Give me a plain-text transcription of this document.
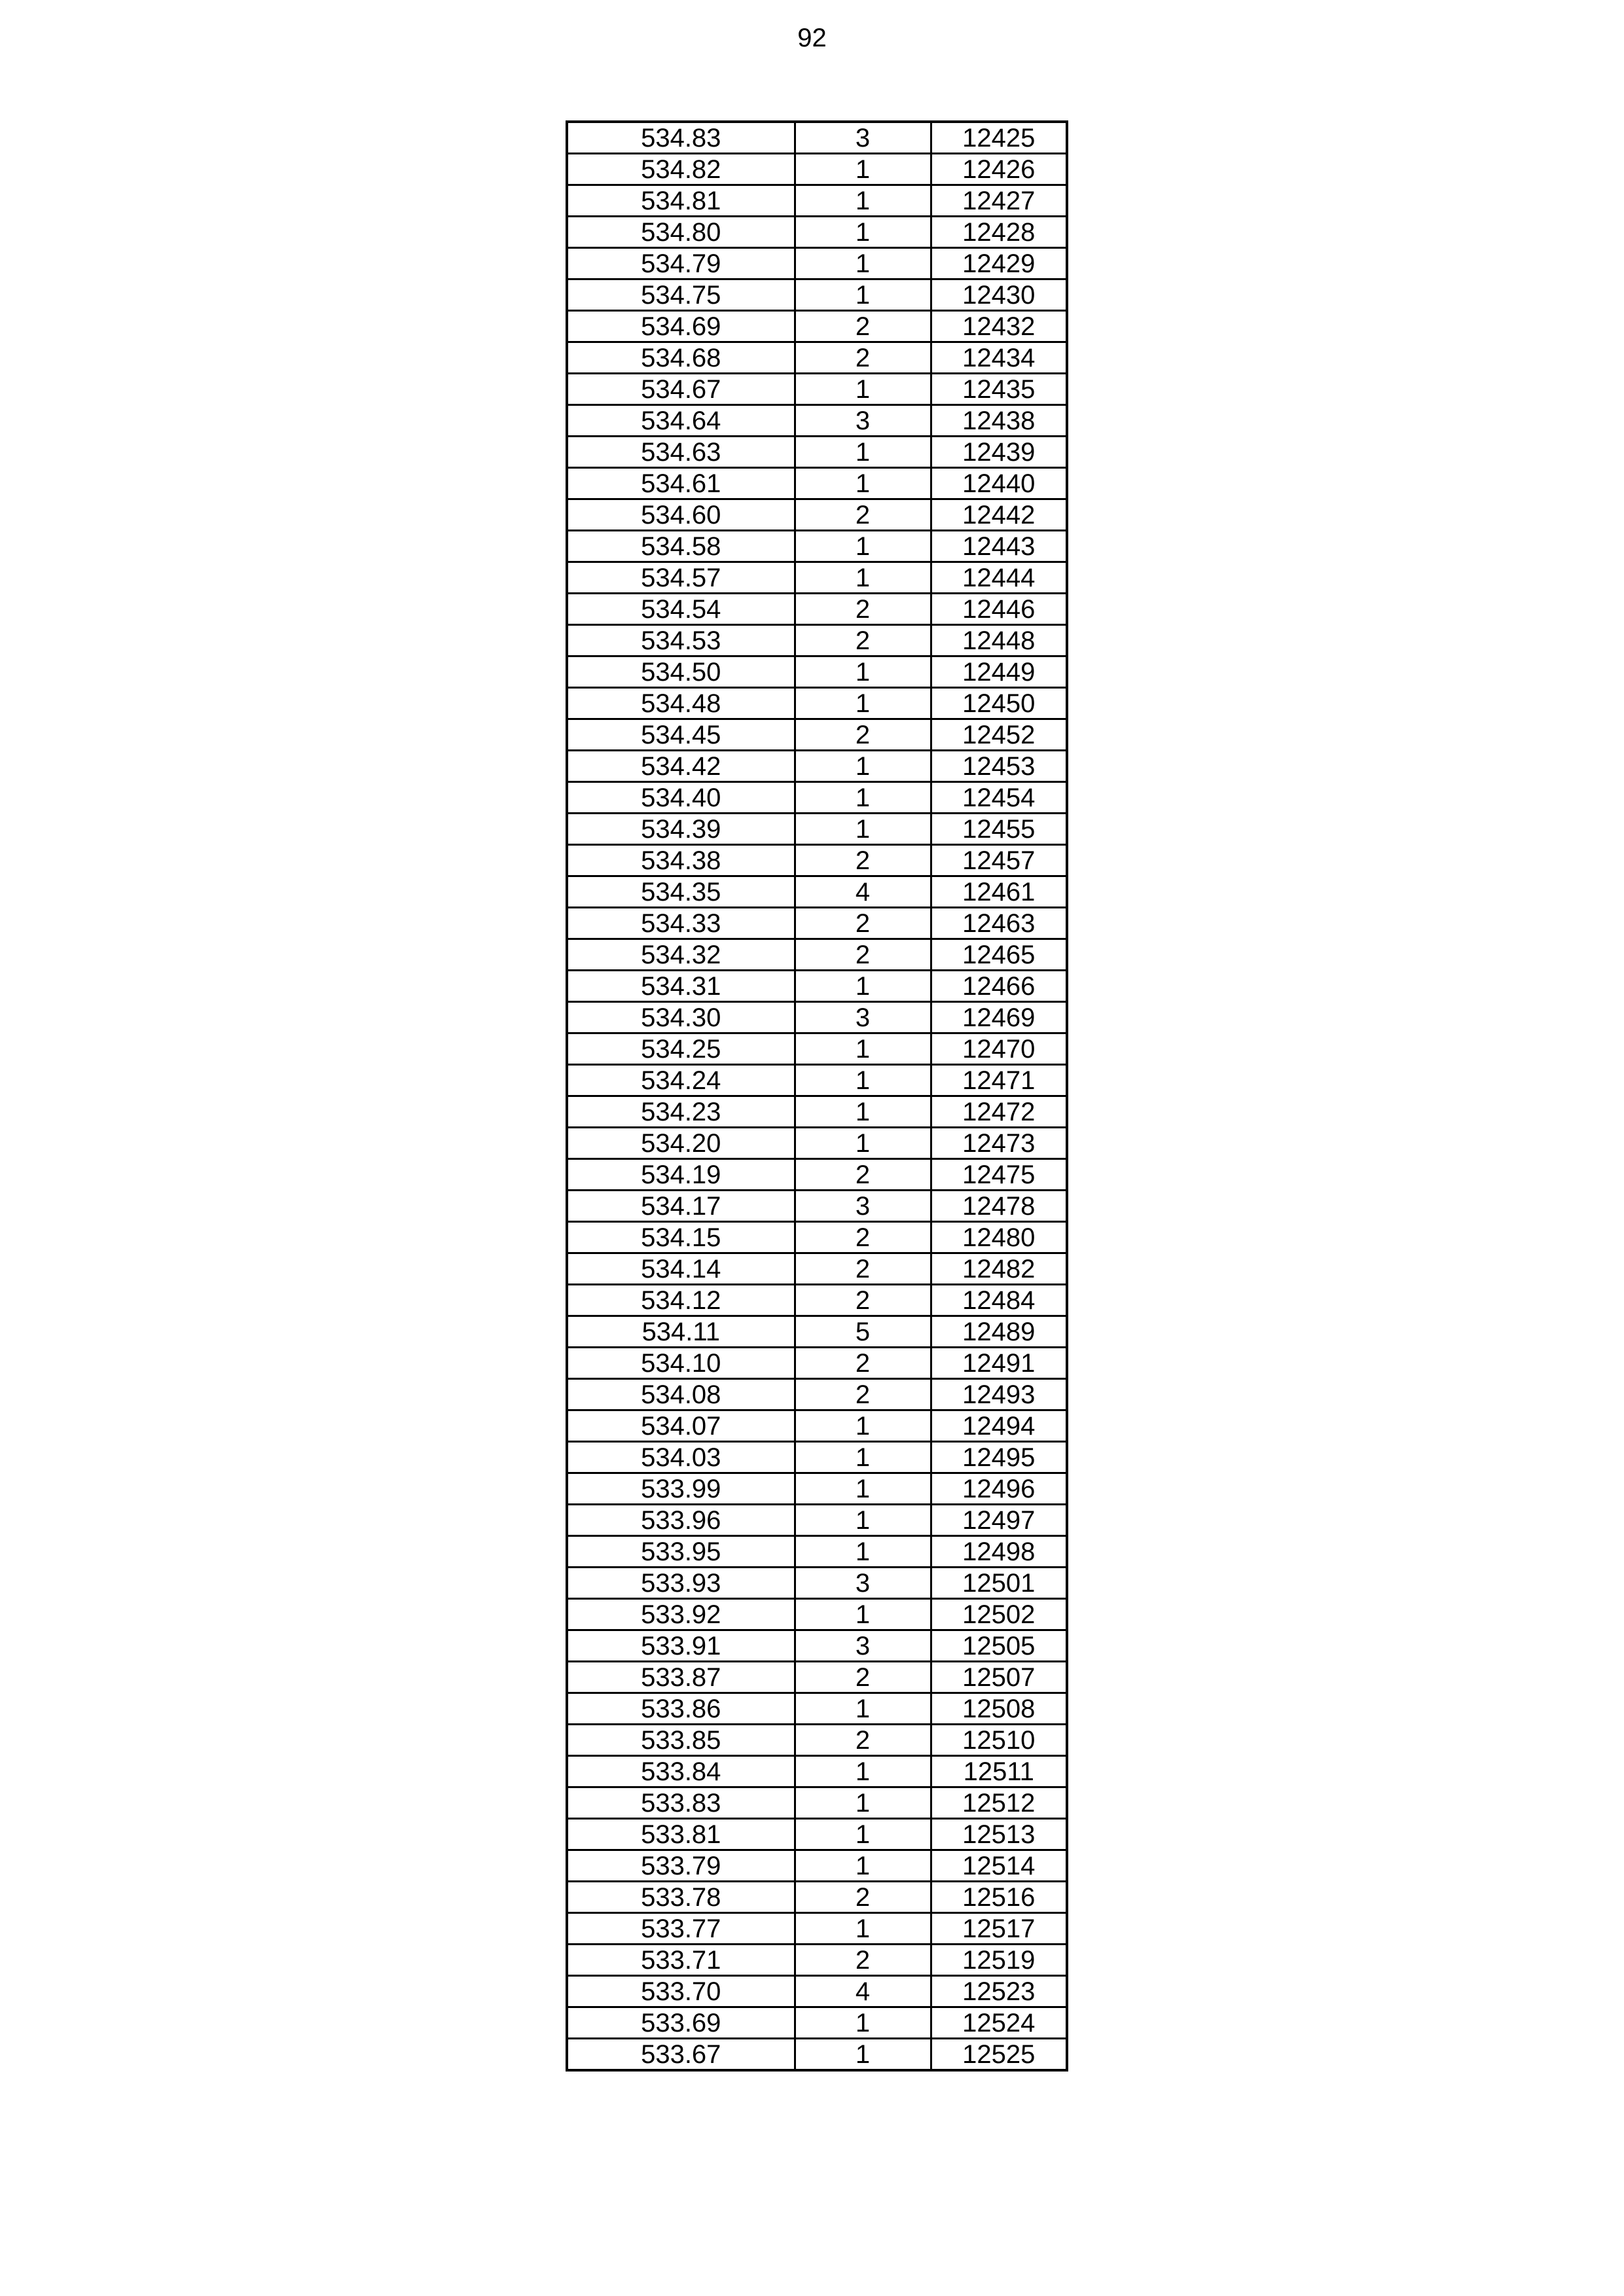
92
534.83	3	12425
534.82	1	12426
534.81	1	12427
534.80	1	12428
534.79	1	12429
534.75	1	12430
534.69	2	12432
534.68	2	12434
534.67	1	12435
534.64	3	12438
534.63	1	12439
534.61	1	12440
534.60	2	12442
534.58	1	12443
534.57	1	12444
534.54	2	12446
534.53	2	12448
534.50	1	12449
534.48	1	12450
534.45	2	12452
534.42	1	12453
534.40	1	12454
534.39	1	12455
534.38	2	12457
534.35	4	12461
534.33	2	12463
534.32	2	12465
534.31	1	12466
534.30	3	12469
534.25	1	12470
534.24	1	12471
534.23	1	12472
534.20	1	12473
534.19	2	12475
534.17	3	12478
534.15	2	12480
534.14	2	12482
534.12	2	12484
534.11	5	12489
534.10	2	12491
534.08	2	12493
534.07	1	12494
534.03	1	12495
533.99	1	12496
533.96	1	12497
533.95	1	12498
533.93	3	12501
533.92	1	12502
533.91	3	12505
533.87	2	12507
533.86	1	12508
533.85	2	12510
533.84	1	12511
533.83	1	12512
533.81	1	12513
533.79	1	12514
533.78	2	12516
533.77	1	12517
533.71	2	12519
533.70	4	12523
533.69	1	12524
533.67	1	12525
